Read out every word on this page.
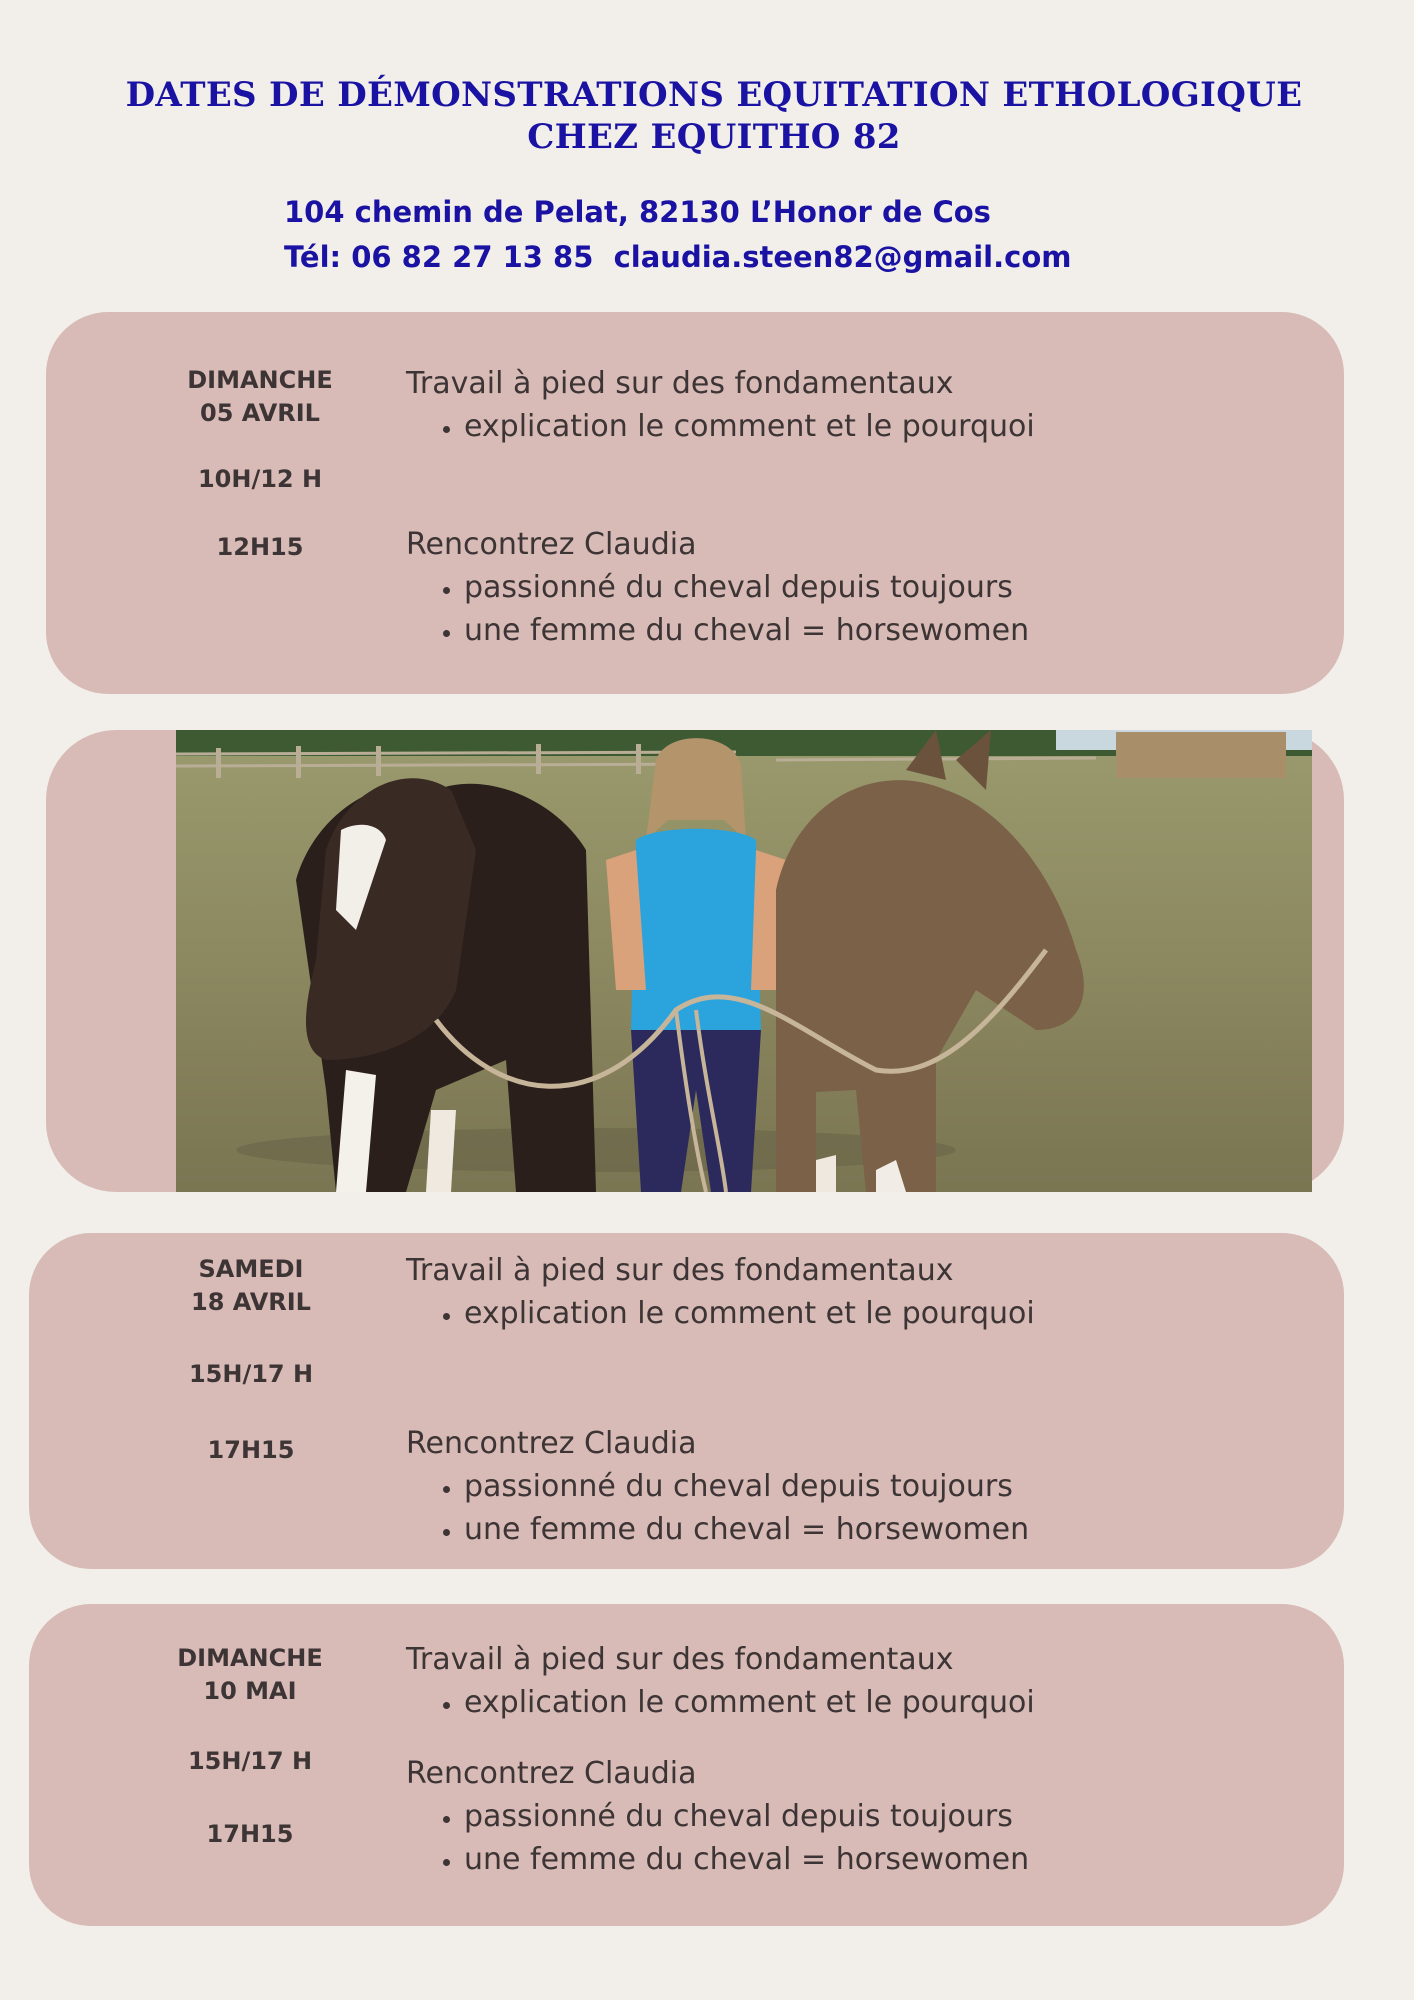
DATES DE DÉMONSTRATIONS EQUITATION ETHOLOGIQUE
CHEZ EQUITHO 82
104 chemin de Pelat, 82130 L’Honor de Cos
Tél: 06 82 27 13 85  claudia.steen82@gmail.com
DIMANCHE
05 AVRIL
10H/12 H
12H15

Travail à pied sur des fondamentaux

• explication le comment et le pourquoi

Rencontrez Claudia

• passionné du cheval depuis toujours
• une femme du cheval = horsewomen
SAMEDI
18 AVRIL
15H/17 H
17H15

Travail à pied sur des fondamentaux

• explication le comment et le pourquoi

Rencontrez Claudia

• passionné du cheval depuis toujours
• une femme du cheval = horsewomen
DIMANCHE
10 MAI
15H/17 H
17H15

Travail à pied sur des fondamentaux

• explication le comment et le pourquoi

Rencontrez Claudia

• passionné du cheval depuis toujours
• une femme du cheval = horsewomen
